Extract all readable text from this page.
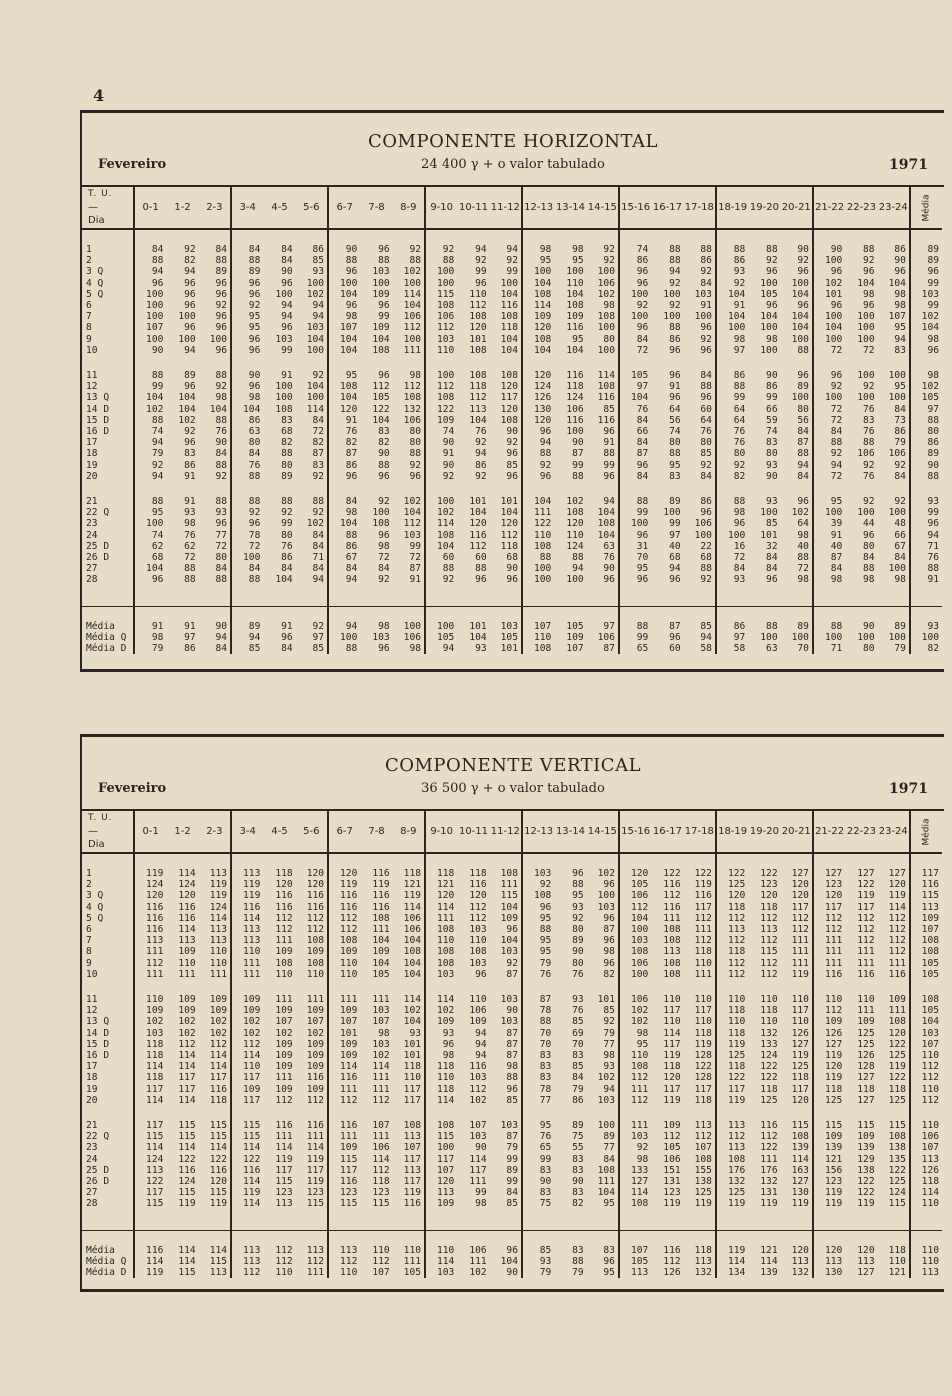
4
COMPONENTE HORIZONTAL
Fevereiro	24 400 γ + o valor tabulado	1971
T. U.
—
Dia	0-1	1-2	2-3	3-4	4-5	5-6	6-7	7-8	8-9	9-10	10-11	11-12	12-13	13-14	14-15	15-16	16-17	17-18	18-19	19-20	20-21	21-22	22-23	23-24	Média

1	84	92	84	84	84	86	90	96	92	92	94	94	98	98	92	74	88	88	88	88	90	90	88	86	89
2	88	82	88	88	84	85	88	88	88	88	92	92	95	95	92	86	88	86	86	92	92	100	92	90	89
3 Q	94	94	89	89	90	93	96	103	102	100	99	99	100	100	100	96	94	92	93	96	96	96	96	96	96
4 Q	96	96	96	96	96	100	100	100	100	100	96	100	104	110	106	96	92	84	92	100	100	102	104	104	99
5 Q	100	96	96	96	100	102	104	109	114	115	110	104	108	104	102	100	100	103	104	105	104	101	98	98	103
6	100	96	92	92	94	94	96	96	104	108	112	116	114	108	98	92	92	91	91	96	96	96	96	98	99
7	100	100	96	95	94	94	98	99	106	106	108	108	109	109	108	100	100	100	104	104	104	100	100	107	102
8	107	96	96	95	96	103	107	109	112	112	120	118	120	116	100	96	88	96	100	100	104	104	100	95	104
9	100	100	100	96	103	104	104	104	100	103	101	104	108	95	80	84	86	92	98	98	100	100	100	94	98
10	90	94	96	96	99	100	104	108	111	110	108	104	104	104	100	72	96	96	97	100	88	72	72	83	96

11	88	89	88	90	91	92	95	96	98	100	108	108	120	116	114	105	96	84	86	90	96	96	100	100	98
12	99	96	92	96	100	104	108	112	112	112	118	120	124	118	108	97	91	88	88	86	89	92	92	95	102
13 Q	104	104	98	98	100	100	104	105	108	108	112	117	126	124	116	104	96	96	99	99	100	100	100	100	105
14 D	102	104	104	104	108	114	120	122	132	122	113	120	130	106	85	76	64	60	64	66	80	72	76	84	97
15 D	88	102	88	86	83	84	91	104	106	109	104	108	120	116	116	84	56	64	64	59	56	72	83	73	88
16 D	74	92	76	63	68	72	76	83	80	74	76	90	96	100	96	66	74	76	76	74	84	84	76	86	80
17	94	96	90	80	82	82	82	82	80	90	92	92	94	90	91	84	80	80	76	83	87	88	88	79	86
18	79	83	84	84	88	87	87	90	88	91	94	96	88	87	88	87	88	85	80	80	88	92	106	106	89
19	92	86	88	76	80	83	86	88	92	90	86	85	92	99	99	96	95	92	92	93	94	94	92	92	90
20	94	91	92	88	89	92	96	96	96	92	92	96	96	88	96	84	83	84	82	90	84	72	76	84	88

21	88	91	88	88	88	88	84	92	102	100	101	101	104	102	94	88	89	86	88	93	96	95	92	92	93
22 Q	95	93	93	92	92	92	98	100	104	102	104	104	111	108	104	99	100	96	98	100	102	100	100	100	99
23	100	98	96	96	99	102	104	108	112	114	120	120	122	120	108	100	99	106	96	85	64	39	44	48	96
24	74	76	77	78	80	84	88	96	103	108	116	112	110	110	104	96	97	100	100	101	98	91	96	66	94
25 D	62	62	72	72	76	84	86	98	99	104	112	118	108	124	63	31	40	22	16	32	40	40	80	67	71
26 D	68	72	80	100	86	71	67	72	72	60	60	68	88	88	76	70	68	68	72	84	88	87	84	84	76
27	104	88	84	84	84	84	84	84	87	88	88	90	100	94	90	95	94	88	84	84	72	84	88	100	88
28	96	88	88	88	104	94	94	92	91	92	96	96	100	100	96	96	96	92	93	96	98	98	98	98	91

Média	91	91	90	89	91	92	94	98	100	100	101	103	107	105	97	88	87	85	86	88	89	88	90	89	93
Média Q	98	97	94	94	96	97	100	103	106	105	104	105	110	109	106	99	96	94	97	100	100	100	100	100	100
Média D	79	86	84	85	84	85	88	96	98	94	93	101	108	107	87	65	60	58	58	63	70	71	80	79	82
COMPONENTE VERTICAL
Fevereiro	36 500 γ + o valor tabulado	1971
T. U.
—
Dia	0-1	1-2	2-3	3-4	4-5	5-6	6-7	7-8	8-9	9-10	10-11	11-12	12-13	13-14	14-15	15-16	16-17	17-18	18-19	19-20	20-21	21-22	22-23	23-24	Média

1	119	114	113	113	118	120	120	116	118	118	118	108	103	96	102	120	122	122	122	122	127	127	127	127	117
2	124	124	119	119	120	120	119	119	121	121	116	111	92	88	96	105	116	119	125	123	120	123	122	120	116
3 Q	120	120	119	119	116	116	116	116	119	120	120	115	108	95	100	106	112	116	120	120	120	120	119	119	115
4 Q	116	116	124	116	116	116	116	116	114	114	112	104	96	93	103	112	116	117	118	118	117	117	117	114	113
5 Q	116	116	114	114	112	112	112	108	106	111	112	109	95	92	96	104	111	112	112	112	112	112	112	112	109
6	116	114	113	113	112	112	112	111	106	108	103	96	88	80	87	100	108	111	113	113	112	112	112	112	107
7	113	113	113	113	111	108	108	104	104	110	110	104	95	89	96	103	108	112	112	112	111	111	112	112	108
8	111	109	110	110	109	109	109	109	108	108	108	103	95	90	98	108	113	118	118	115	111	111	111	112	108
9	112	110	110	111	108	108	110	104	104	108	103	92	79	80	96	106	108	110	112	112	111	111	111	111	105
10	111	111	111	111	110	110	110	105	104	103	96	87	76	76	82	100	108	111	112	112	119	116	116	116	105

11	110	109	109	109	111	111	111	111	114	114	110	103	87	93	101	106	110	110	110	110	110	110	110	109	108
12	109	109	109	109	109	109	109	103	102	102	106	90	78	76	85	102	117	117	118	118	117	112	111	111	105
13 Q	102	102	102	102	107	107	107	107	104	109	109	103	88	85	92	102	110	110	110	110	110	109	109	108	104
14 D	103	102	102	102	102	102	101	98	93	93	94	87	70	69	79	98	114	118	118	132	126	126	125	120	103
15 D	118	112	112	112	109	109	109	103	101	96	94	87	70	70	77	95	117	119	119	133	127	127	125	122	107
16 D	118	114	114	114	109	109	109	102	101	98	94	87	83	83	98	110	119	128	125	124	119	119	126	125	110
17	114	114	114	110	109	109	114	114	118	118	116	98	83	85	93	108	118	122	118	122	125	120	128	119	112
18	118	117	117	117	111	116	116	111	110	110	103	88	83	84	102	112	120	128	122	122	118	119	127	122	112
19	117	117	116	109	109	109	111	111	117	118	112	96	78	79	94	111	117	117	117	118	117	118	118	118	110
20	114	114	118	117	112	112	112	112	117	114	102	85	77	86	103	112	119	118	119	125	120	125	127	125	112

21	117	115	115	115	116	116	116	107	108	108	107	103	95	89	100	111	109	113	113	116	115	115	115	115	110
22 Q	115	115	115	115	111	111	111	111	113	115	103	87	76	75	89	103	112	112	112	112	108	109	109	108	106
23	114	114	114	114	114	114	109	106	107	100	90	79	65	55	77	92	105	107	113	122	139	139	139	138	107
24	124	122	122	122	119	119	115	114	117	117	114	99	99	83	84	98	106	108	108	111	114	121	129	135	113
25 D	113	116	116	116	117	117	117	112	113	107	117	89	83	83	108	133	151	155	176	176	163	156	138	122	126
26 D	122	124	120	114	115	119	116	118	117	120	111	99	90	90	111	127	131	138	132	132	127	123	122	125	118
27	117	115	115	119	123	123	123	123	119	113	99	84	83	83	104	114	123	125	125	131	130	119	122	124	114
28	115	119	119	114	113	115	115	115	116	109	98	85	75	82	95	108	119	119	119	119	119	119	119	115	110

Média	116	114	114	113	112	113	113	110	110	110	106	96	85	83	83	107	116	118	119	121	120	120	120	118	110
Média Q	114	114	115	113	112	112	112	112	111	114	111	104	93	88	96	105	112	113	114	114	113	113	113	110	110
Média D	119	115	113	112	110	111	110	107	105	103	102	90	79	79	95	113	126	132	134	139	132	130	127	121	113
